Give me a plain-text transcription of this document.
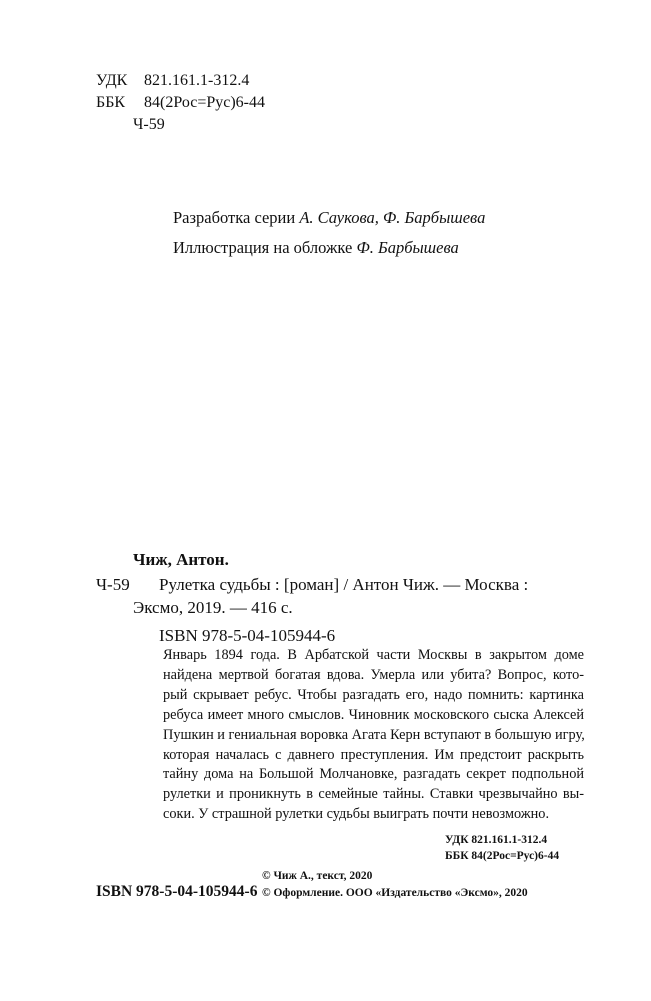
УДК 821.161.1-312.4
ББК 84(2Рос=Рус)6-44
Ч-59
Разработка серии А. Саукова, Ф. Барбышева
Иллюстрация на обложке Ф. Барбышева
Чиж, Антон.
Ч-59 Рулетка судьбы : [роман] / Антон Чиж. — Москва :
Эксмо, 2019. — 416 с.
ISBN 978-5-04-105944-6
Январь 1894 года. В Арбатской части Москвы в закрытом доме
найдена мертвой богатая вдова. Умерла или убита? Вопрос, кото-
рый скрывает ребус. Чтобы разгадать его, надо помнить: картинка
ребуса имеет много смыслов. Чиновник московского сыска Алексей
Пушкин и гениальная воровка Агата Керн вступают в большую игру,
которая началась с давнего преступления. Им предстоит раскрыть
тайну дома на Большой Молчановке, разгадать секрет подпольной
рулетки и проникнуть в семейные тайны. Ставки чрезвычайно вы-
соки. У страшной рулетки судьбы выиграть почти невозможно.
УДК 821.161.1-312.4
ББК 84(2Рос=Рус)6-44
© Чиж А., текст, 2020
ISBN 978-5-04-105944-6 © Оформление. ООО «Издательство «Эксмо», 2020
